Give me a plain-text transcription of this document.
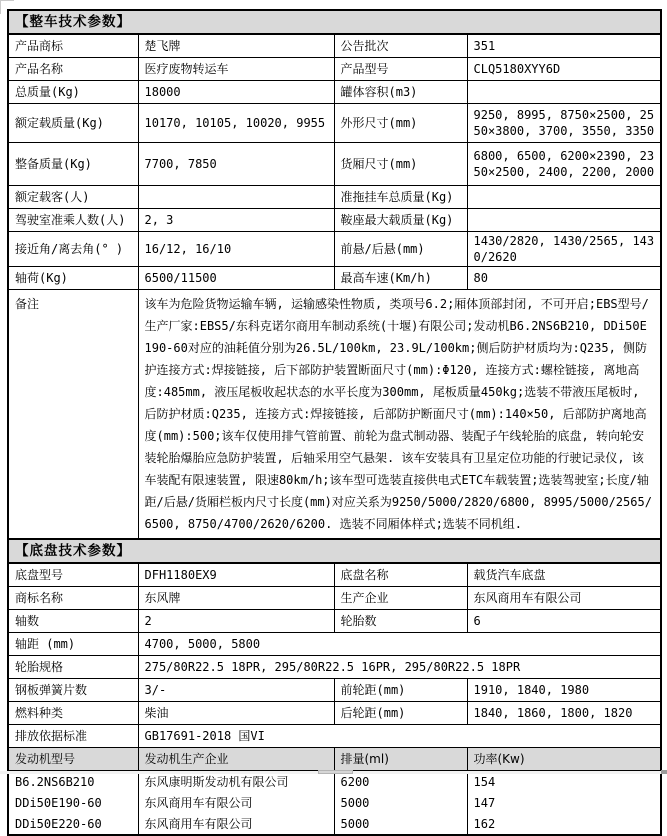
【整车技术参数】			
产品商标	楚飞牌	公告批次	351
产品名称	医疗废物转运车	产品型号	CLQ5180XYY6D
总质量(Kg)	18000	罐体容积(m3)	
额定载质量(Kg)	10170, 10105, 10020, 9955	外形尺寸(mm)	9250, 8995, 8750×2500, 2550×3800, 3700, 3550, 3350
整备质量(Kg)	7700, 7850	货厢尺寸(mm)	6800, 6500, 6200×2390, 2350×2500, 2400, 2200, 2000
额定载客(人)		准拖挂车总质量(Kg)	
驾驶室准乘人数(人)	2, 3	鞍座最大载质量(Kg)	
接近角/离去角(° )	16/12, 16/10	前悬/后悬(mm)	1430/2820, 1430/2565, 1430/2620
轴荷(Kg)	6500/11500	最高车速(Km/h)	80
备注	该车为危险货物运输车辆, 运输感染性物质, 类项号6.2;厢体顶部封闭, 不可开启;EBS型号/生产厂家:EBS5/东科克诺尔商用车制动系统(十堰)有限公司;发动机B6.2NS6B210, DDi50E190-60对应的油耗值分别为26.5L/100km, 23.9L/100km;侧后防护材质均为:Q235, 侧防护连接方式:焊接链接, 后下部防护装置断面尺寸(mm):Φ120, 连接方式:螺栓链接, 离地高度:485mm, 液压尾板收起状态的水平长度为300mm, 尾板质量450kg;选装不带液压尾板时, 后防护材质:Q235, 连接方式:焊接链接, 后部防护断面尺寸(mm):140×50, 后部防护离地高度(mm):500;该车仅使用排气管前置、前轮为盘式制动器、装配子午线轮胎的底盘, 转向轮安装轮胎爆胎应急防护装置, 后轴采用空气悬架. 该车安装具有卫星定位功能的行驶记录仪, 该车装配有限速装置, 限速80km/h;该车型可选装直接供电式ETC车载装置;选装驾驶室;长度/轴距/后悬/货厢栏板内尺寸长度(mm)对应关系为9250/5000/2820/6800, 8995/5000/2565/6500, 8750/4700/2620/6200. 选装不同厢体样式;选装不同机组.		
【底盘技术参数】			
底盘型号	DFH1180EX9	底盘名称	载货汽车底盘
商标名称	东风牌	生产企业	东风商用车有限公司
轴数	2	轮胎数	6
轴距 (mm)	4700, 5000, 5800		
轮胎规格	275/80R22.5 18PR, 295/80R22.5 16PR, 295/80R22.5 18PR		
钢板弹簧片数	3/-	前轮距(mm)	1910, 1840, 1980
燃料种类	柴油	后轮距(mm)	1840, 1860, 1800, 1820
排放依据标准	GB17691-2018 国VI		
发动机型号	发动机生产企业	排量(ml)	功率(Kw)
B6.2NS6B210	东风康明斯发动机有限公司	6200	154
DDi50E190-60	东风商用车有限公司	5000	147
DDi50E220-60	东风商用车有限公司	5000	162
